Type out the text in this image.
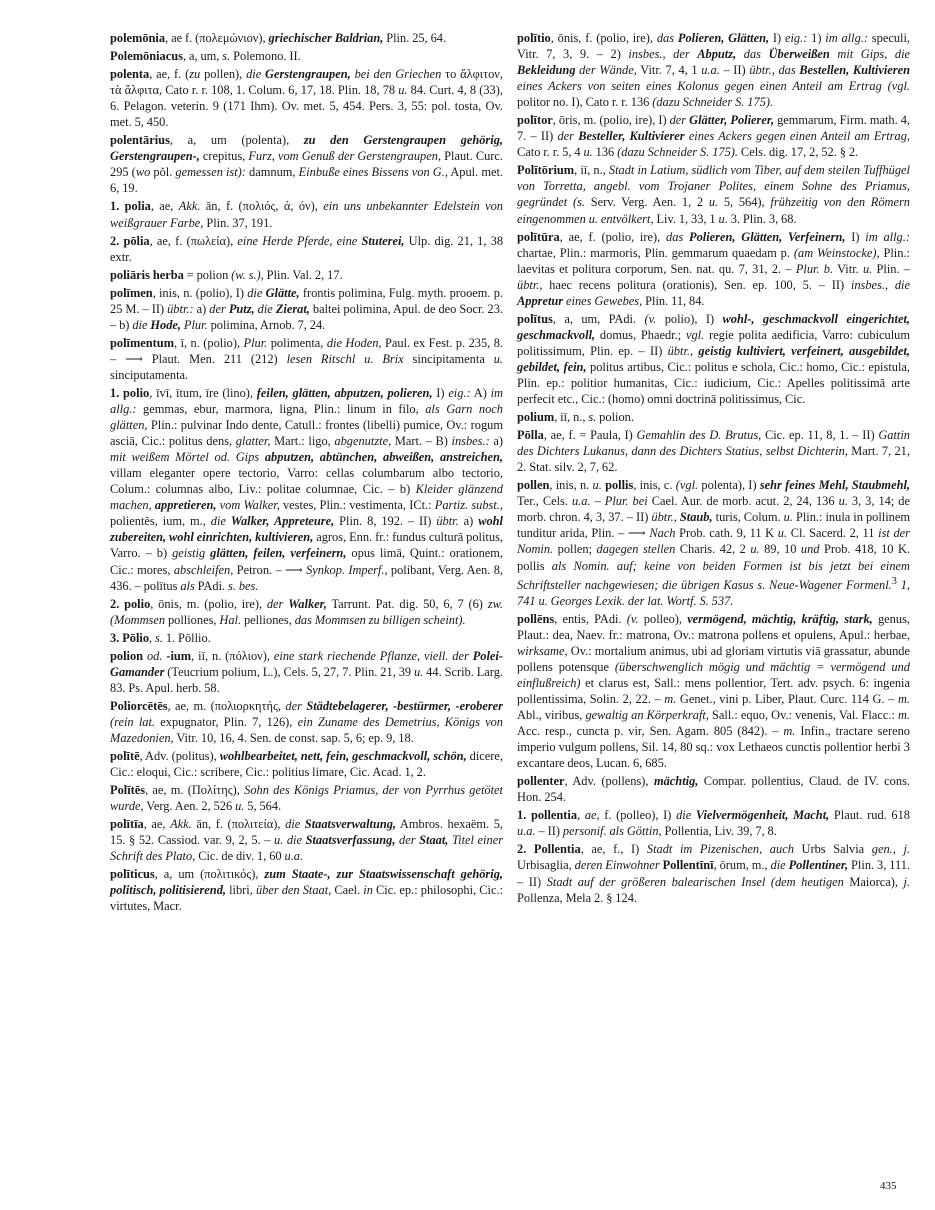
polemōnia, ae f. (πολεμώνιον), griechischer Baldrian, Plin. 25, 64.

Polemōniacus, a, um, s. Polemono. II.

polenta, ae, f. (zu pollen), die Gerstengraupen, bei den Griechen το ἄλφιτον, τὰ ἄλφιτα, Cato r. r. 108, 1. Colum. 6, 17, 18. Plin. 18, 78 u. 84. Curt. 4, 8 (33), 6. Pelagon. veterin. 9 (171 Ihm). Ov. met. 5, 454. Pers. 3, 55: pol. tosta, Ov. met. 5, 450.

polentārius, a, um (polenta), zu den Gerstengraupen gehörig, Gerstengraupen-, crepitus, Furz, vom Genuß der Gerstengraupen, Plaut. Curc. 295 (wo pŏl. gemessen ist): damnum, Einbuße eines Bissens von G., Apul. met. 6, 19.

1. polia, ae, Akk. ān, f. (πολιός, ά, όν), ein uns unbekannter Edelstein von weißgrauer Farbe, Plin. 37, 191.

2. pōlia, ae, f. (πωλεία), eine Herde Pferde, eine Stuterei, Ulp. dig. 21, 1, 38 extr.

poliāris herba = polion (w. s.), Plin. Val. 2, 17.

polīmen, inis, n. (polio), I) die Glätte, frontis polimina, Fulg. myth. prooem. p. 25 M. – II) übtr.: a) der Putz, die Zierat, baltei polimina, Apul. de deo Socr. 23. – b) die Hode, Plur. polimina, Arnob. 7, 24.

polīmentum, ī, n. (polio), Plur. polimenta, die Hoden, Paul. ex Fest. p. 235, 8. – ⟶ Plaut. Men. 211 (212) lesen Ritschl u. Brix sincipitamenta u. sinciputamenta.

1. polio, īvī, ītum, īre (lino), feilen, glätten, abputzen, polieren, I) eig.: A) im allg.: gemmas, ebur, marmora, ligna, Plin.: linum in filo, als Garn noch glätten, Plin.: pulvinar Indo dente, Catull.: frontes (libelli) pumice, Ov.: rogum asciā, Cic.: politus dens, glatter, Mart.: ligo, abgenutzte, Mart. – B) insbes.: a) mit weißem Mörtel od. Gips abputzen, abtünchen, abweißen, anstreichen, villam eleganter opere tectorio, Varro: cellas columbarum albo tectorio, Colum.: columnas albo, Liv.: politae columnae, Cic. – b) Kleider glänzend machen, appretieren, vom Walker, vestes, Plin.: vestimenta, ICt.: Partiz. subst., polientēs, ium, m., die Walker, Appreteure, Plin. 8, 192. – II) übtr. a) wohl zubereiten, wohl einrichten, kultivieren, agros, Enn. fr.: fundus culturā politus, Varro. – b) geistig glätten, feilen, verfeinern, opus limā, Quint.: orationem, Cic.: mores, abschleifen, Petron. – ⟶ Synkop. Imperf., polibant, Verg. Aen. 8, 436. – polītus als PAdi. s. bes.

2. polio, ōnis, m. (polio, ire), der Walker, Tarrunt. Pat. dig. 50, 6, 7 (6) zw. (Mommsen polliones, Hal. pelliones, das Mommsen zu billigen scheint).

3. Pōlio, s. 1. Pōllio.

polion od. -ium, iī, n. (πόλιον), eine stark riechende Pflanze, viell. der Polei-Gamander (Teucrium polium, L.), Cels. 5, 27, 7. Plin. 21, 39 u. 44. Scrib. Larg. 83. Ps. Apul. herb. 58.

Poliorcētēs, ae, m. (πολιορκητής, der Städtebelagerer, -bestürmer, -eroberer (rein lat. expugnator, Plin. 7, 126), ein Zuname des Demetrius, Königs von Mazedonien, Vitr. 10, 16, 4. Sen. de const. sap. 5, 6; ep. 9, 18.

polītē, Adv. (politus), wohlbearbeitet, nett, fein, geschmackvoll, schön, dicere, Cic.: eloqui, Cic.: scribere, Cic.: politius limare, Cic. Acad. 1, 2.

Polītēs, ae, m. (Πολίτης), Sohn des Königs Priamus, der von Pyrrhus getötet wurde, Verg. Aen. 2, 526 u. 5, 564.

polītīa, ae, Akk. ān, f. (πολιτεία), die Staatsverwaltung, Ambros. hexaëm. 5, 15. § 52. Cassiod. var. 9, 2, 5. – u. die Staatsverfassung, der Staat, Titel einer Schrift des Plato, Cic. de div. 1, 60 u.a.

polīticus, a, um (πολιτικός), zum Staate-, zur Staatswissenschaft gehörig, politisch, politisierend, libri, über den Staat, Cael. in Cic. ep.: philosophi, Cic.: virtutes, Macr.

polītio, ōnis, f. (polio, ire), das Polieren, Glätten, I) eig.: 1) im allg.: speculi, Vitr. 7, 3, 9. – 2) insbes., der Abputz, das Überweißen mit Gips, die Bekleidung der Wände, Vitr. 7, 4, 1 u.a. – II) übtr., das Bestellen, Kultivieren eines Ackers von seiten eines Kolonus gegen einen Anteil am Ertrag (vgl. politor no. I), Cato r. r. 136 (dazu Schneider S. 175).

polītor, ōris, m. (polio, ire), I) der Glätter, Polierer, gemmarum, Firm. math. 4, 7. – II) der Besteller, Kultivierer eines Ackers gegen einen Anteil am Ertrag, Cato r. r. 5, 4 u. 136 (dazu Schneider S. 175). Cels. dig. 17, 2, 52. § 2.

Polītōrium, iī, n., Stadt in Latium, südlich vom Tiber, auf dem steilen Tuffhügel von Torretta, angebl. vom Trojaner Polites, einem Sohne des Priamus, gegründet (s. Serv. Verg. Aen. 1, 2 u. 5, 564), frühzeitig von den Römern eingenommen u. entvölkert, Liv. 1, 33, 1 u. 3. Plin. 3, 68.

polītūra, ae, f. (polio, ire), das Polieren, Glätten, Verfeinern, I) im allg.: chartae, Plin.: marmoris, Plin. gemmarum quaedam p. (am Weinstocke), Plin.: laevitas et politura corporum, Sen. nat. qu. 7, 31, 2. – Plur. b. Vitr. u. Plin. – übtr., haec recens politura (orationis), Sen. ep. 100, 5. – II) insbes., die Appretur eines Gewebes, Plin. 11, 84.

polītus, a, um, PAdi. (v. polio), I) wohl-, geschmackvoll eingerichtet, geschmackvoll, domus, Phaedr.; vgl. regie polita aedificia, Varro: cubiculum politissimum, Plin. ep. – II) übtr., geistig kultiviert, verfeinert, ausgebildet, gebildet, fein, politus artibus, Cic.: politus e schola, Cic.: homo, Cic.: epistula, Plin. ep.: politior humanitas, Cic.: iudicium, Cic.: Apelles politissimā arte perfecit etc., Cic.: (homo) omni doctrinā politissimus, Cic.

polium, iī, n., s. polion.

Pōlla, ae, f. = Paula, I) Gemahlin des D. Brutus, Cic. ep. 11, 8, 1. – II) Gattin des Dichters Lukanus, dann des Dichters Statius, selbst Dichterin, Mart. 7, 21, 2. Stat. silv. 2, 7, 62.

pollen, inis, n. u. pollis, inis, c. (vgl. polenta), I) sehr feines Mehl, Staubmehl, Ter., Cels. u.a. – Plur. bei Cael. Aur. de morb. acut. 2, 24, 136 u. 3, 3, 14; de morb. chron. 4, 3, 37. – II) übtr., Staub, turis, Colum. u. Plin.: inula in pollinem tunditur arida, Plin. – ⟶ Nach Prob. cath. 9, 11 K u. Cl. Sacerd. 2, 11 ist der Nomin. pollen; dagegen stellen Charis. 42, 2 u. 89, 10 und Prob. 418, 10 K. pollis als Nomin. auf; keine von beiden Formen ist bis jetzt bei einem Schriftsteller nachgewiesen; die übrigen Kasus s. Neue-Wagener Formenl.$^3$ 1, 741 u. Georges Lexik. der lat. Wortf. S. 537.

pollēns, entis, PAdi. (v. polleo), vermögend, mächtig, kräftig, stark, genus, Plaut.: dea, Naev. fr.: matrona, Ov.: matrona pollens et opulens, Apul.: herbae, wirksame, Ov.: mortalium animus, ubi ad gloriam virtutis viā grassatur, abunde pollens potensque (überschwenglich mögig und mächtig = vermögend und einflußreich) et clarus est, Sall.: mens pollentior, Tert. adv. psych. 6: ingenia pollentissima, Solin. 2, 22. – m. Genet., vini p. Liber, Plaut. Curc. 114 G. – m. Abl., viribus, gewaltig an Körperkraft, Sall.: equo, Ov.: venenis, Val. Flacc.: m. Acc. resp., cuncta p. vir, Sen. Agam. 805 (842). – m. Infin., tractare sereno imperio vulgum pollens, Sil. 14, 80 sq.: vox Lethaeos cunctis pollentior herbi 3 excantare deos, Lucan. 6, 685.

pollenter, Adv. (pollens), mächtig, Compar. pollentius, Claud. de IV. cons. Hon. 254.

1. pollentia, ae, f. (polleo), I) die Vielvermögenheit, Macht, Plaut. rud. 618 u.a. – II) personif. als Göttin, Pollentia, Liv. 39, 7, 8.

2. Pollentia, ae, f., I) Stadt im Pizenischen, auch Urbs Salvia gen., j. Urbisaglia, deren Einwohner Pollentīnī, ōrum, m., die Pollentiner, Plin. 3, 111. – II) Stadt auf der größeren balearischen Insel (dem heutigen Maiorca), j. Pollenza, Mela 2. § 124.

435
